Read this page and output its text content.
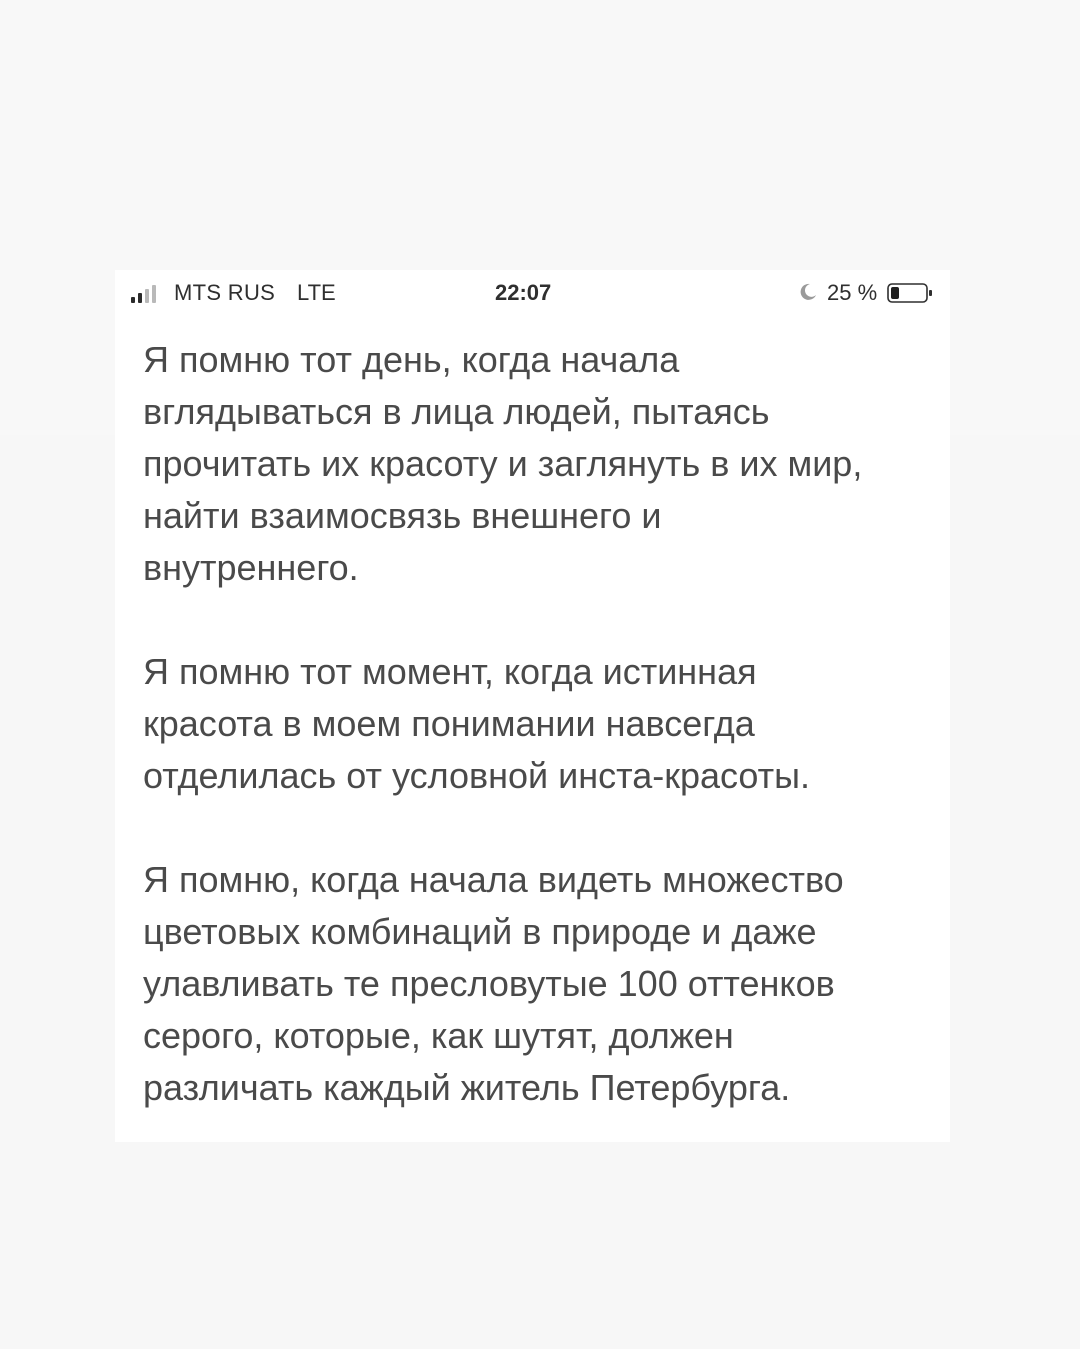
MTS RUS LTE	22:07	25 %

Я помню тот день, когда начала
вглядываться в лица людей, пытаясь
прочитать их красоту и заглянуть в их мир,
найти взаимосвязь внешнего и
внутреннего.

Я помню тот момент, когда истинная
красота в моем понимании навсегда
отделилась от условной инста-красоты.

Я помню, когда начала видеть множество
цветовых комбинаций в природе и даже
улавливать те пресловутые 100 оттенков
серого, которые, как шутят, должен
различать каждый житель Петербурга.
